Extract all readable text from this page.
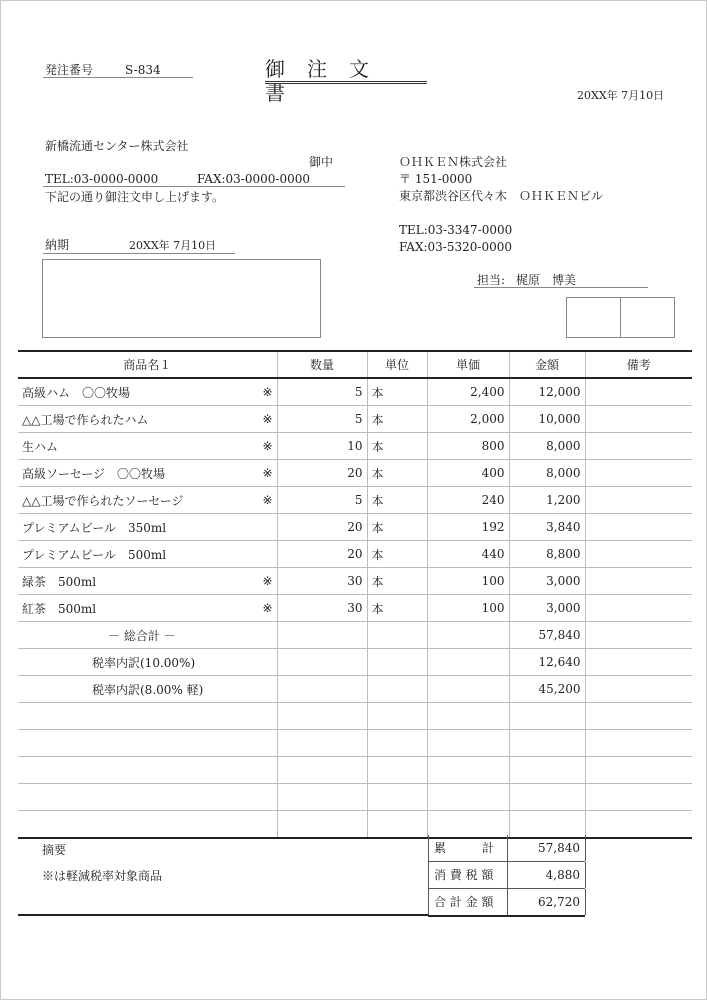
発注番号	S-834	御注文書	20XX年 7月10日
新橋流通センター株式会社
御中
TEL:03-0000-0000	FAX:03-0000-0000
下記の通り御注文申し上げます。
納期	20XX年 7月10日
ＯＨＫＥＮ株式会社
〒 151-0000
東京都渋谷区代々木　ＯＨＫＥＮビル
TEL:03-3347-0000
FAX:03-5320-0000
担当: 梶原　博美
商品名１	数量	単位	単価	金額	備考
高級ハム　〇〇牧場 ※	5	本	2,400	12,000	
△△工場で作られたハム ※	5	本	2,000	10,000	
生ハム ※	10	本	800	8,000	
高級ソーセージ　〇〇牧場 ※	20	本	400	8,000	
△△工場で作られたソーセージ ※	5	本	240	1,200	
プレミアムビール　350ml	20	本	192	3,840	
プレミアムビール　500ml	20	本	440	8,800	
緑茶　500ml ※	30	本	100	3,000	
紅茶　500ml ※	30	本	100	3,000	
－ 総合計 －				57,840	
税率内訳(10.00%)				12,640	
税率内訳(8.00% 軽)				45,200	

摘要
※は軽減税率対象商品
累　　　計	57,840
消 費 税 額	4,880
合 計 金 額	62,720
